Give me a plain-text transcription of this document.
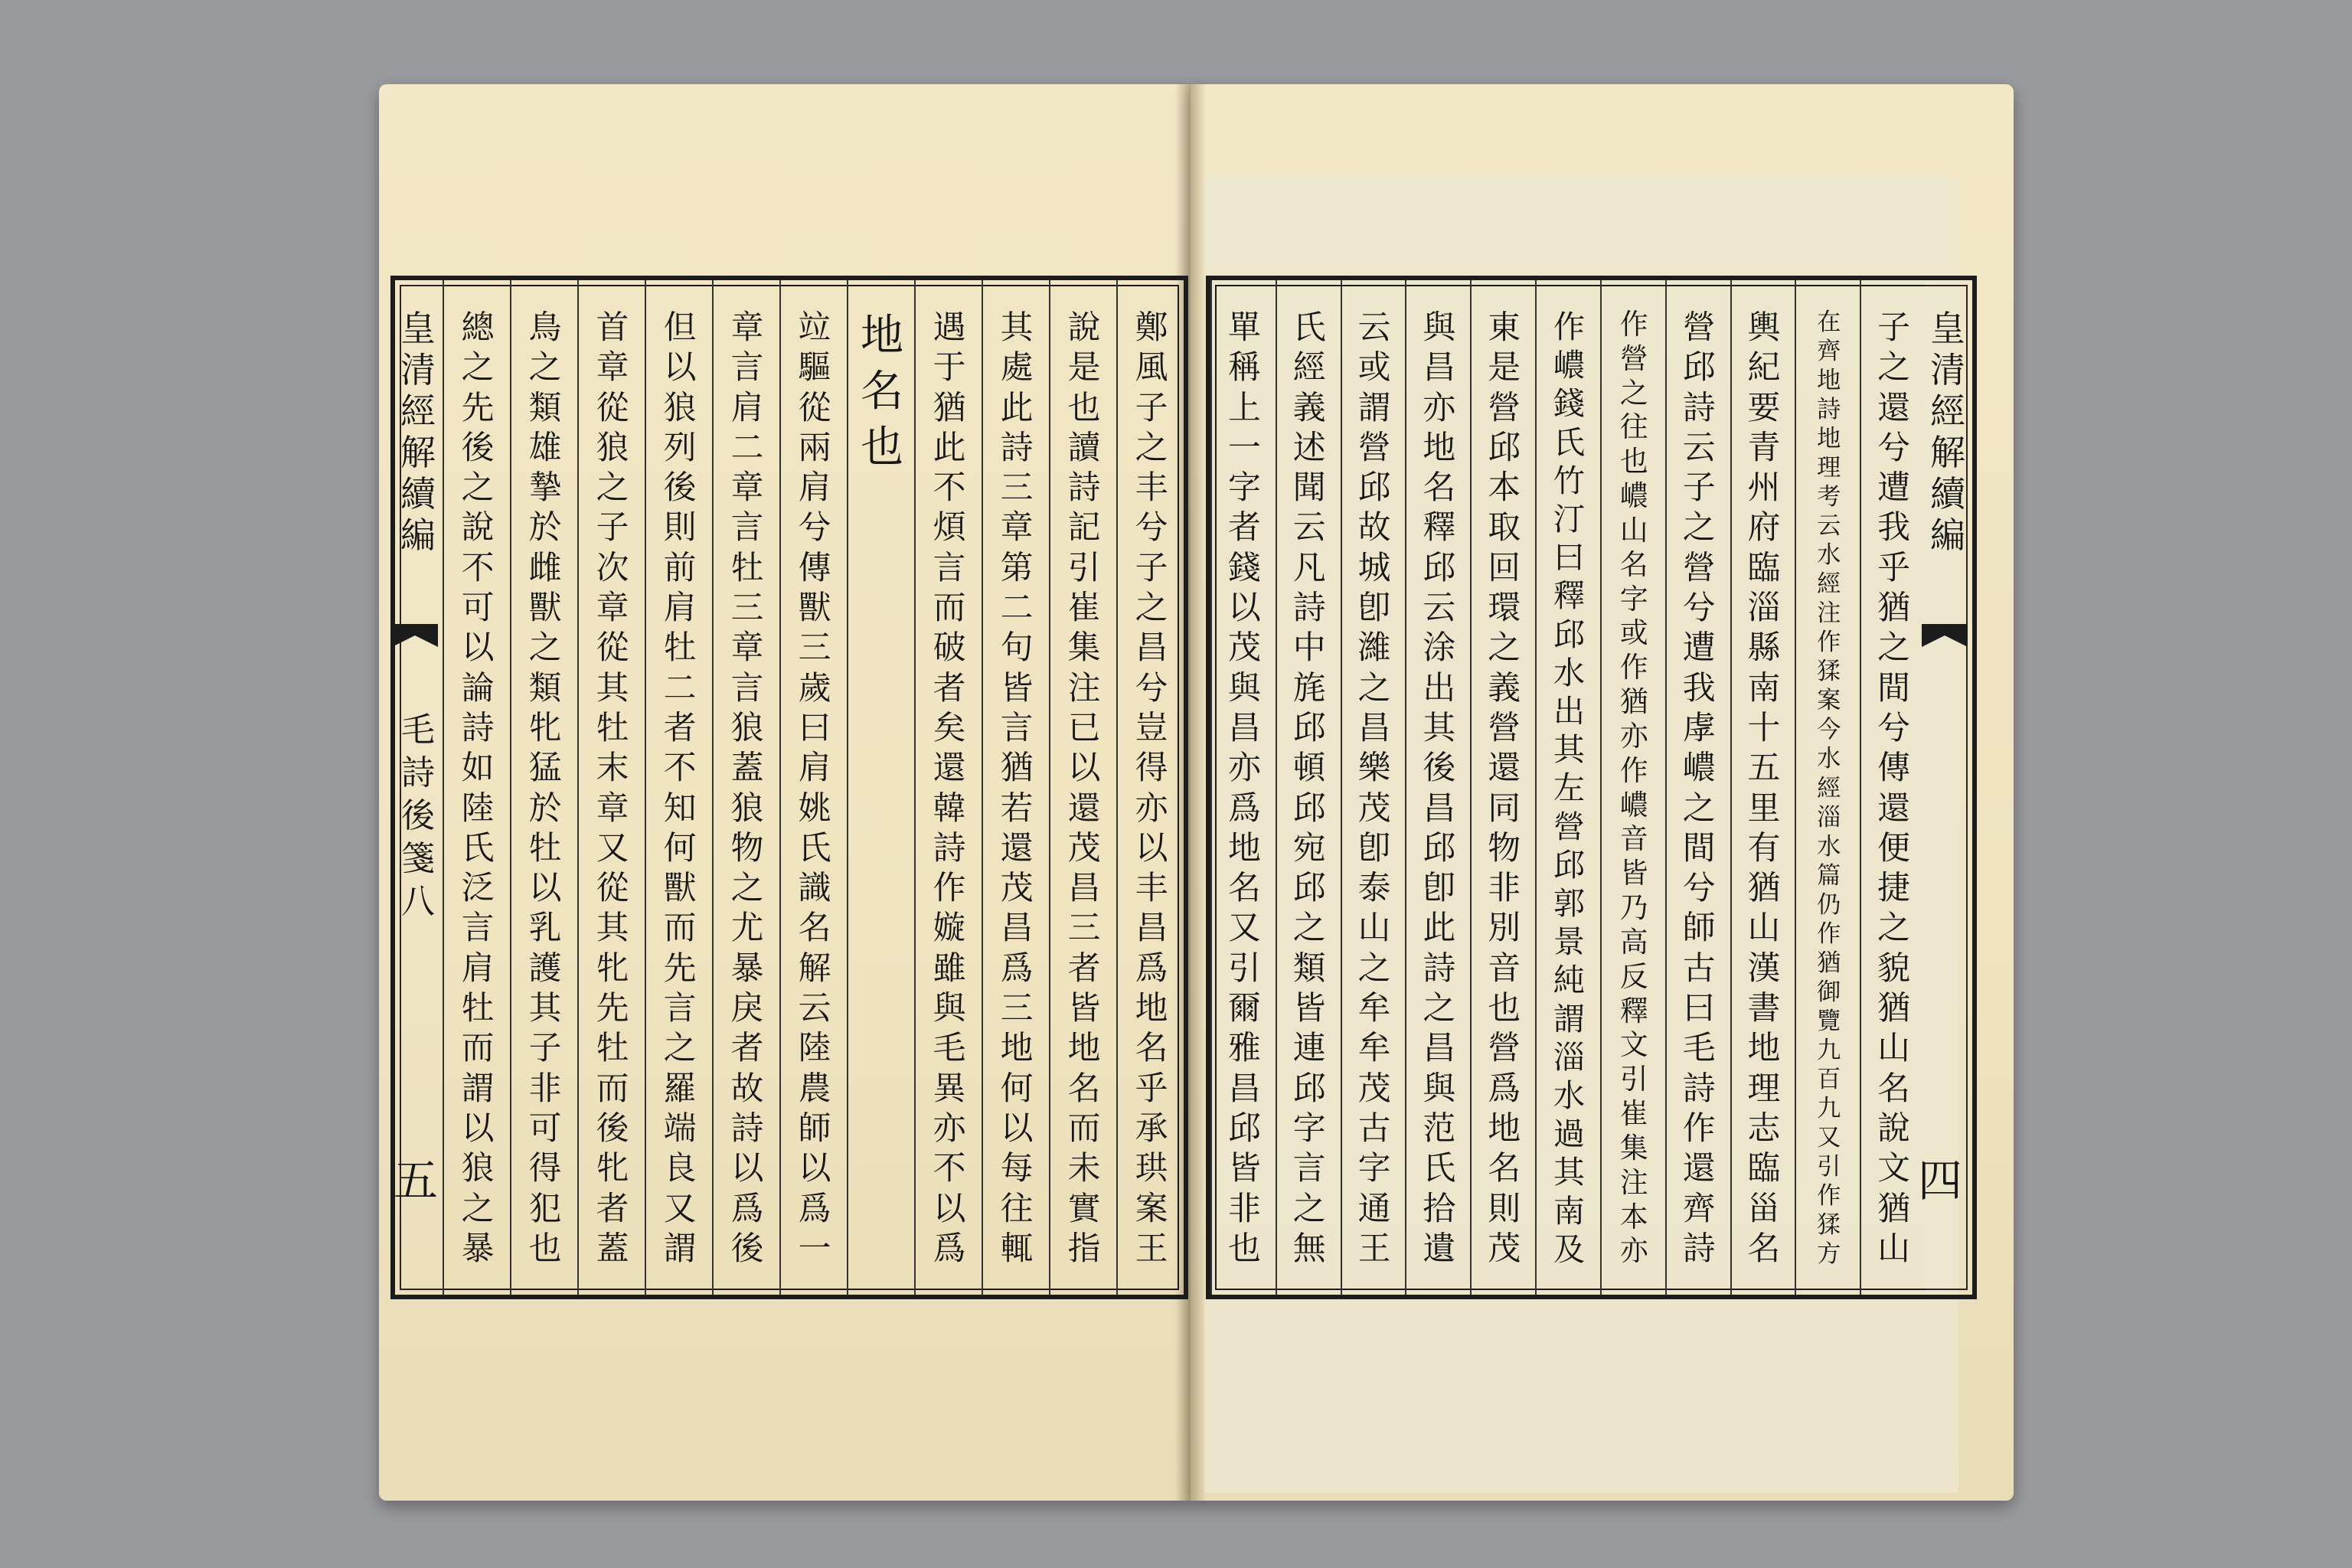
皇
清
經
解
續
編
毛
詩
後
箋
八
鄭
風
子
之
丰
兮
子
之
昌
兮
豈
得
亦
以
丰
昌
爲
地
名
乎
承
珙
案
王
說
是
也
讀
詩
記
引
崔
集
注
已
以
還
茂
昌
三
者
皆
地
名
而
未
實
指
其
處
此
詩
三
章
第
二
句
皆
言
猶
若
還
茂
昌
爲
三
地
何
以
每
往
輒
遇
于
猶
此
不
煩
言
而
破
者
矣
還
韓
詩
作
嫙
雖
與
毛
異
亦
不
以
爲
地
名
也
竝
驅
從
兩
肩
兮
傳
獸
三
歲
曰
肩
姚
氏
識
名
解
云
陸
農
師
以
爲
一
章
言
肩
二
章
言
牡
三
章
言
狼
蓋
狼
物
之
尤
暴
戾
者
故
詩
以
爲
後
但
以
狼
列
後
則
前
肩
牡
二
者
不
知
何
獸
而
先
言
之
羅
端
良
又
謂
首
章
從
狼
之
子
次
章
從
其
牡
末
章
又
從
其
牝
先
牡
而
後
牝
者
蓋
鳥
之
類
雄
摯
於
雌
獸
之
類
牝
猛
於
牡
以
乳
護
其
子
非
可
得
犯
也
總
之
先
後
之
說
不
可
以
論
詩
如
陸
氏
泛
言
肩
牡
而
謂
以
狼
之
暴
皇
清
經
解
續
編
子
之
還
兮
遭
我
乎
猶
之
間
兮
傳
還
便
捷
之
貌
猶
山
名
說
文
猶
山
在
齊
地
詩
地
理
考
云
水
經
注
作
猱
案
今
水
經
淄
水
篇
仍
作
猶
御
覽
九
百
九
又
引
作
猱
方
輿
紀
要
青
州
府
臨
淄
縣
南
十
五
里
有
猶
山
漢
書
地
理
志
臨
甾
名
營
邱
詩
云
子
之
營
兮
遭
我
虖
嶩
之
間
兮
師
古
曰
毛
詩
作
還
齊
詩
作
營
之
往
也
嶩
山
名
字
或
作
猶
亦
作
嶩
音
皆
乃
高
反
釋
文
引
崔
集
注
本
亦
作
嶩
錢
氏
竹
汀
曰
釋
邱
水
出
其
左
營
邱
郭
景
純
謂
淄
水
過
其
南
及
東
是
營
邱
本
取
回
環
之
義
營
還
同
物
非
別
音
也
營
爲
地
名
則
茂
與
昌
亦
地
名
釋
邱
云
涂
出
其
後
昌
邱
卽
此
詩
之
昌
與
范
氏
拾
遺
云
或
謂
營
邱
故
城
卽
濰
之
昌
樂
茂
卽
泰
山
之
牟
牟
茂
古
字
通
王
氏
經
義
述
聞
云
凡
詩
中
旄
邱
頓
邱
宛
邱
之
類
皆
連
邱
字
言
之
無
單
稱
上
一
字
者
錢
以
茂
與
昌
亦
爲
地
名
又
引
爾
雅
昌
邱
皆
非
也
五	四
